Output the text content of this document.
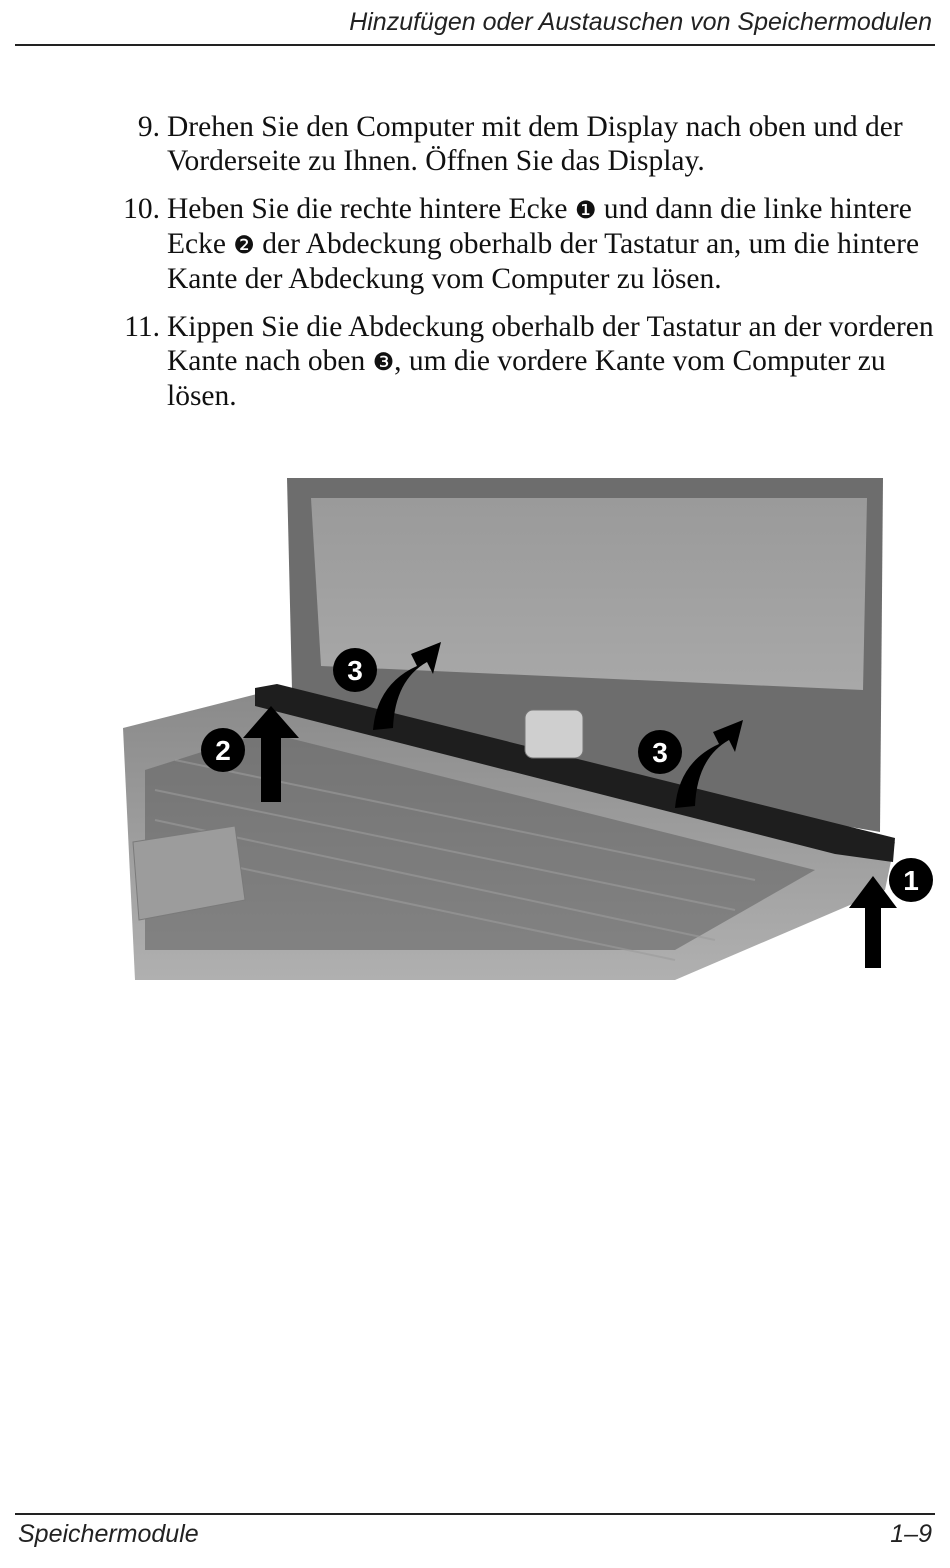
Hinzufügen oder Austauschen von Speichermodulen
9. Drehen Sie den Computer mit dem Display nach oben und der Vorderseite zu Ihnen. Öffnen Sie das Display.
10. Heben Sie die rechte hintere Ecke ❶ und dann die linke hintere Ecke ❷ der Abdeckung oberhalb der Tastatur an, um die hintere Kante der Abdeckung vom Computer zu lösen.
11. Kippen Sie die Abdeckung oberhalb der Tastatur an der vorderen Kante nach oben ❸, um die vordere Kante vom Computer zu lösen.
2
3
3
1
Speichermodule	1–9
